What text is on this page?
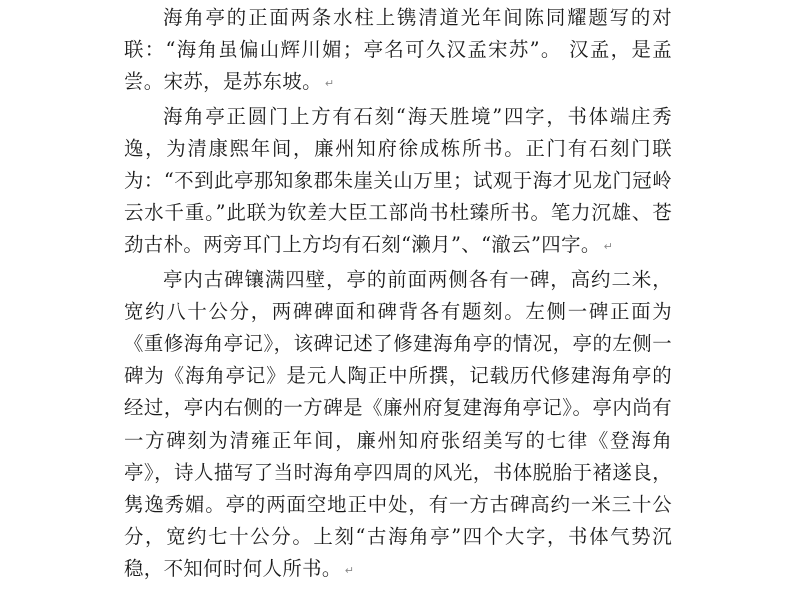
海角亭的正面两条水柱上镌清道光年间陈同耀题写的对联：“海角虽偏山辉川媚；亭名可久汉孟宋苏”。 汉孟，是孟尝。宋苏，是苏东坡。 ↵

海角亭正圆门上方有石刻“海天胜境”四字，书体端庄秀逸，为清康熙年间，廉州知府徐成栋所书。正门有石刻门联为：“不到此亭那知象郡朱崖关山万里；试观于海才见龙门冠岭云水千重。”此联为钦差大臣工部尚书杜臻所书。笔力沉雄、苍劲古朴。两旁耳门上方均有石刻“濑月”、“澈云”四字。 ↵

亭内古碑镶满四壁，亭的前面两侧各有一碑，高约二米，宽约八十公分，两碑碑面和碑背各有题刻。左侧一碑正面为《重修海角亭记》，该碑记述了修建海角亭的情况，亭的左侧一碑为《海角亭记》是元人陶正中所撰，记载历代修建海角亭的经过，亭内右侧的一方碑是《廉州府复建海角亭记》。亭内尚有一方碑刻为清雍正年间，廉州知府张绍美写的七律《登海角亭》，诗人描写了当时海角亭四周的风光，书体脱胎于褚遂良，隽逸秀媚。亭的两面空地正中处，有一方古碑高约一米三十公分，宽约七十公分。上刻“古海角亭”四个大字，书体气势沉稳，不知何时何人所书。 ↵
